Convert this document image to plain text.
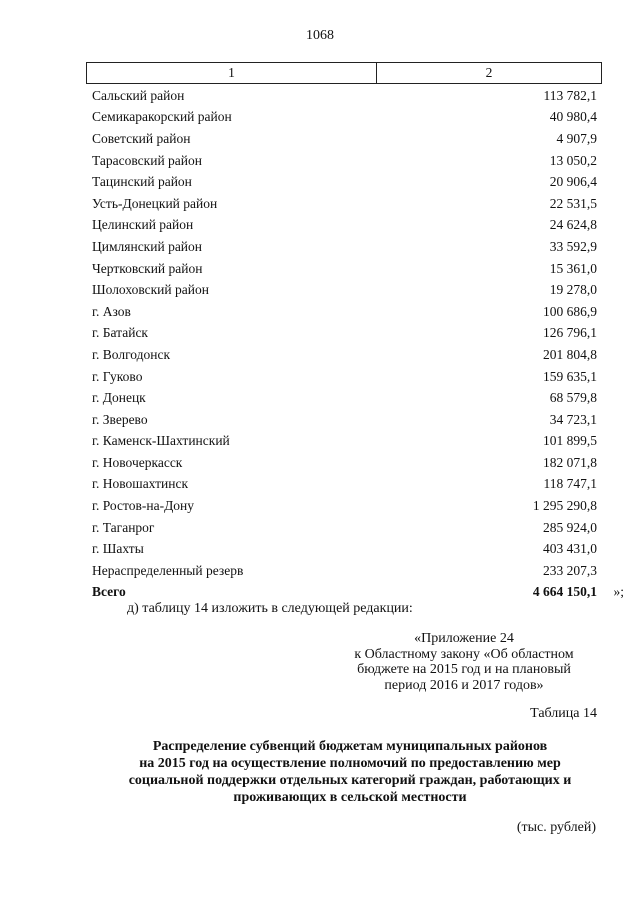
1068
1	2
Сальский район	113 782,1
Семикаракорский район	40 980,4
Советский район	4 907,9
Тарасовский район	13 050,2
Тацинский район	20 906,4
Усть-Донецкий район	22 531,5
Целинский район	24 624,8
Цимлянский район	33 592,9
Чертковский район	15 361,0
Шолоховский район	19 278,0
г. Азов	100 686,9
г. Батайск	126 796,1
г. Волгодонск	201 804,8
г. Гуково	159 635,1
г. Донецк	68 579,8
г. Зверево	34 723,1
г. Каменск-Шахтинский	101 899,5
г. Новочеркасск	182 071,8
г. Новошахтинск	118 747,1
г. Ростов-на-Дону	1 295 290,8
г. Таганрог	285 924,0
г. Шахты	403 431,0
Нераспределенный резерв	233 207,3
Всего	4 664 150,1	»;
д) таблицу 14 изложить в следующей редакции:
«Приложение 24
к Областному закону «Об областном
бюджете на 2015 год и на плановый
период 2016 и 2017 годов»
Таблица 14
Распределение субвенций бюджетам муниципальных районов
на 2015 год на осуществление полномочий по предоставлению мер
социальной поддержки отдельных категорий граждан, работающих и
проживающих в сельской местности
(тыс. рублей)
